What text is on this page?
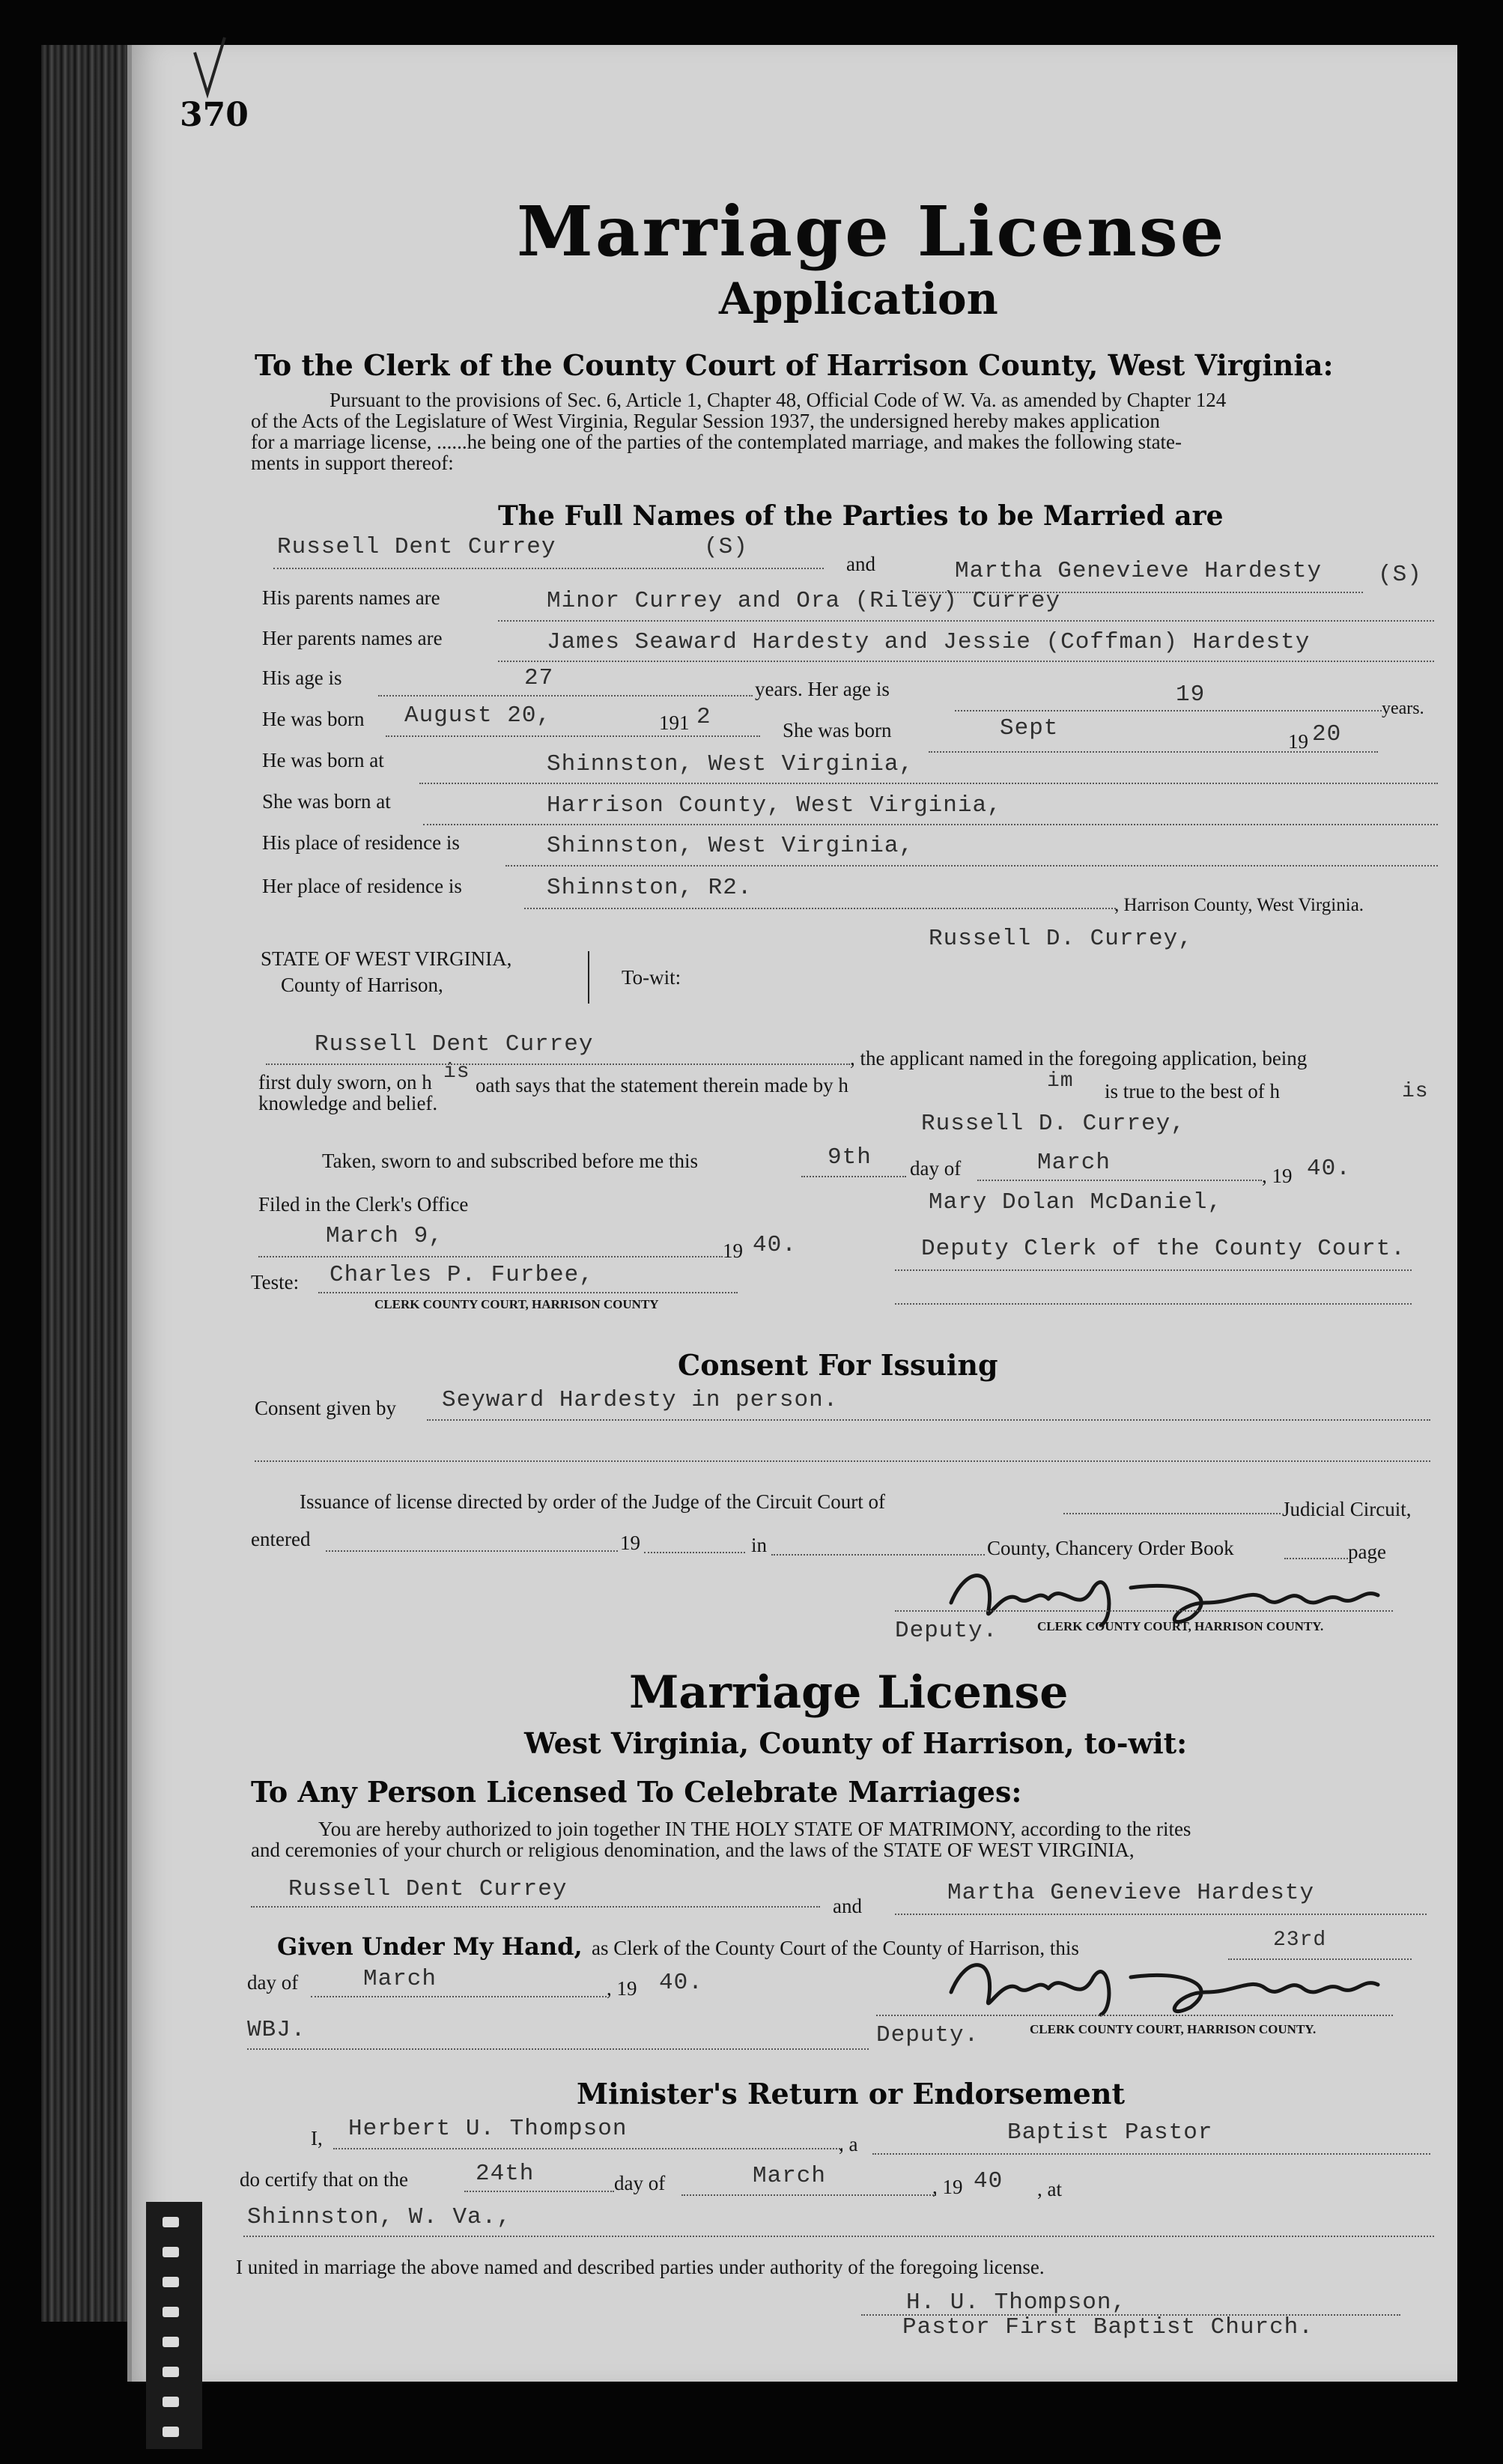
370
Marriage License
Application
To the Clerk of the County Court of Harrison County, West Virginia:
Pursuant to the provisions of Sec. 6, Article 1, Chapter 48, Official Code of W. Va. as amended by Chapter 124
of the Acts of the Legislature of West Virginia, Regular Session 1937, the undersigned hereby makes application
for a marriage license, ......he being one of the parties of the contemplated marriage, and makes the following state-
ments in support thereof:
The Full Names of the Parties to be Married are
Russell Dent Currey	(S)
and	Martha Genevieve Hardesty (S)
His parents names are	Minor Currey and Ora (Riley) Currey
Her parents names are	James Seaward Hardesty and Jessie (Coffman) Hardesty
His age is	27	years. Her age is	19
years.
He was born August 20,	191 2	She was born	Sept	19 20
He was born at	Shinnston, West Virginia,
She was born at	Harrison County, West Virginia,
His place of residence is	Shinnston, West Virginia,
Her place of residence is	Shinnston, R2.
, Harrison County, West Virginia.
Russell D. Currey,
STATE OF WEST VIRGINIA,
County of Harrison,	To-wit:
Russell Dent Currey
, the applicant named in the foregoing application, being
first duly sworn, on h is
oath says that the statement therein made by h	im is true to the best of h	is
knowledge and belief.
Russell D. Currey,
Taken, sworn to and subscribed before me this	9th day of	March	, 19 40.
Filed in the Clerk's Office	Mary Dolan McDaniel,
March 9,
19 40.	Deputy Clerk of the County Court.
Teste: Charles P. Furbee,
CLERK COUNTY COURT, HARRISON COUNTY
Consent For Issuing
Consent given by Seyward Hardesty in person.
Issuance of license directed by order of the Judge of the Circuit Court of	Judicial Circuit,
entered	19	in	County, Chancery Order Book	page
Deputy.	CLERK COUNTY COURT, HARRISON COUNTY.
Marriage License
West Virginia, County of Harrison, to-wit:
To Any Person Licensed To Celebrate Marriages:
You are hereby authorized to join together IN THE HOLY STATE OF MATRIMONY, according to the rites
and ceremonies of your church or religious denomination, and the laws of the STATE OF WEST VIRGINIA,
Russell Dent Currey
and	Martha Genevieve Hardesty
Given Under My Hand, as Clerk of the County Court of the County of Harrison, this	23rd
day of	March	, 19 40.
WBJ.	Deputy.	CLERK COUNTY COURT, HARRISON COUNTY.
Minister's Return or Endorsement
I, Herbert U. Thompson
, a	Baptist Pastor
do certify that on the	24th	day of	March	, 19 40 , at
Shinnston, W. Va.,
I united in marriage the above named and described parties under authority of the foregoing license.
H. U. Thompson,
Pastor First Baptist Church.
